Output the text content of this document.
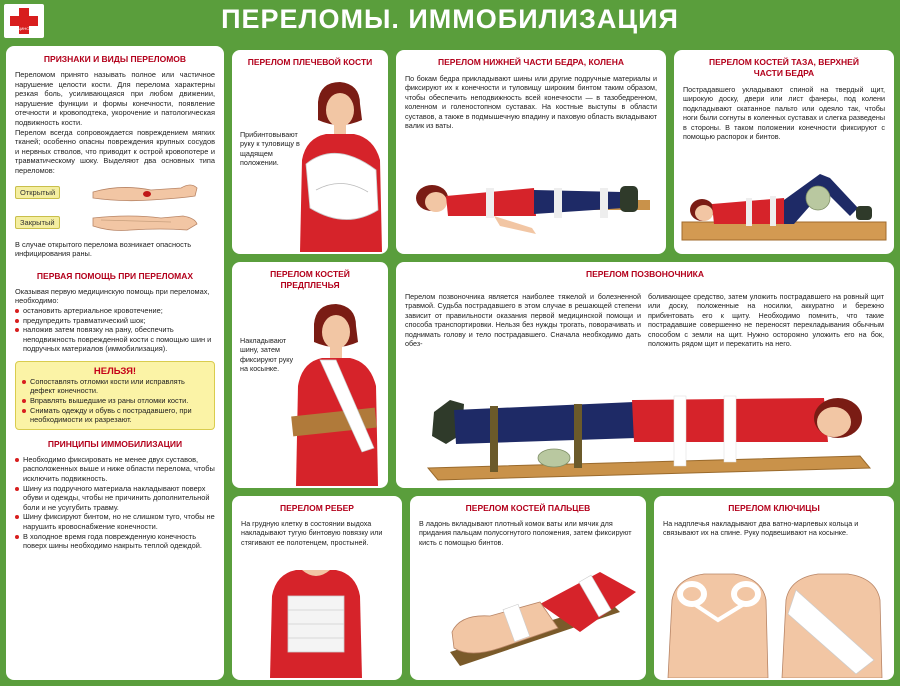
МЕДИЦИНСКАЯ	ПЕРЕЛОМЫ. ИММОБИЛИЗАЦИЯ
ПРИЗНАКИ И ВИДЫ ПЕРЕЛОМОВ
Переломом принято называть полное или частичное нарушение целости кости. Для перелома характерны резкая боль, усиливающаяся при любом движении, нарушение функции и формы конечности, появление отечности и кровоподтека, укорочение и патологическая подвижность кости.
Перелом всегда сопровождается повреждением мягких тканей; особенно опасны повреждения крупных сосудов и нервных стволов, что приводит к острой кровопотере и травматическому шоку. Выделяют два основных типа переломов:
Открытый
Закрытый
В случае открытого перелома возникает опасность инфицирования раны.
ПЕРВАЯ ПОМОЩЬ ПРИ ПЕРЕЛОМАХ
Оказывая первую медицинскую помощь при переломах, необходимо:
остановить артериальное кровотечение;
предупредить травматический шок;
наложив затем повязку на рану, обеспечить неподвижность поврежденной кости с помощью шин и подручных материалов (иммобилизация).
НЕЛЬЗЯ!
Сопоставлять отломки кости или исправлять дефект конечности.
Вправлять вышедшие из раны отломки кости.
Снимать одежду и обувь с пострадавшего, при необходимости их разрезают.
ПРИНЦИПЫ ИММОБИЛИЗАЦИИ
Необходимо фиксировать не менее двух суставов, расположенных выше и ниже области перелома, чтобы исключить подвижность.
Шину из подручного материала накладывают поверх обуви и одежды, чтобы не причинить дополнительной боли и не усугубить травму.
Шину фиксируют бинтом, но не слишком туго, чтобы не нарушить кровоснабжение конечности.
В холодное время года поврежденную конечность поверх шины необходимо накрыть теплой одеждой.
ПЕРЕЛОМ ПЛЕЧЕВОЙ КОСТИ
Прибинтовывают руку к туловищу в щадящем положении.
ПЕРЕЛОМ КОСТЕЙ ПРЕДПЛЕЧЬЯ
Накладывают шину, затем фиксируют руку на косынке.
ПЕРЕЛОМ НИЖНЕЙ ЧАСТИ БЕДРА, КОЛЕНА
По бокам бедра прикладывают шины или другие подручные материалы и фиксируют их к конечности и туловищу широким бинтом таким образом, чтобы обеспечить неподвижность всей конечности — в тазобедренном, коленном и голеностопном суставах. На костные выступы в области суставов, а также в подмышечную впадину и паховую область вкладывают валик из ваты.
ПЕРЕЛОМ КОСТЕЙ ТАЗА, ВЕРХНЕЙ ЧАСТИ БЕДРА
Пострадавшего укладывают спиной на твердый щит, широкую доску, двери или лист фанеры, под колени подкладывают скатанное пальто или одеяло так, чтобы ноги были согнуты в коленных суставах и слегка разведены в стороны. В таком положении конечности фиксируют с помощью распорок и бинтов.
ПЕРЕЛОМ ПОЗВОНОЧНИКА
Перелом позвоночника является наиболее тяжелой и болезненной травмой. Судьба пострадавшего в этом случае в решающей степени зависит от правильности оказания первой медицинской помощи и способа транспортировки. Нельзя без нужды трогать, поворачивать и поднимать голову и тело пострадавшего. Сначала необходимо дать обез-
боливающее средство, затем уложить пострадавшего на ровный щит или доску, положенные на носилки, аккуратно и бережно прибинтовать его к щиту. Необходимо помнить, что такие пострадавшие совершенно не переносят перекладывания обычным способом с земли на щит. Нужно осторожно уложить его на бок, положить рядом щит и перекатить на него.
ПЕРЕЛОМ РЕБЕР
На грудную клетку в состоянии выдоха накладывают тугую бинтовую повязку или стягивают ее полотенцем, простыней.
ПЕРЕЛОМ КОСТЕЙ ПАЛЬЦЕВ
В ладонь вкладывают плотный комок ваты или мячик для придания пальцам полусогнутого положения, затем фиксируют кисть с помощью бинтов.
ПЕРЕЛОМ КЛЮЧИЦЫ
На надплечья накладывают два ватно-марлевых кольца и связывают их на спине. Руку подвешивают на косынке.
